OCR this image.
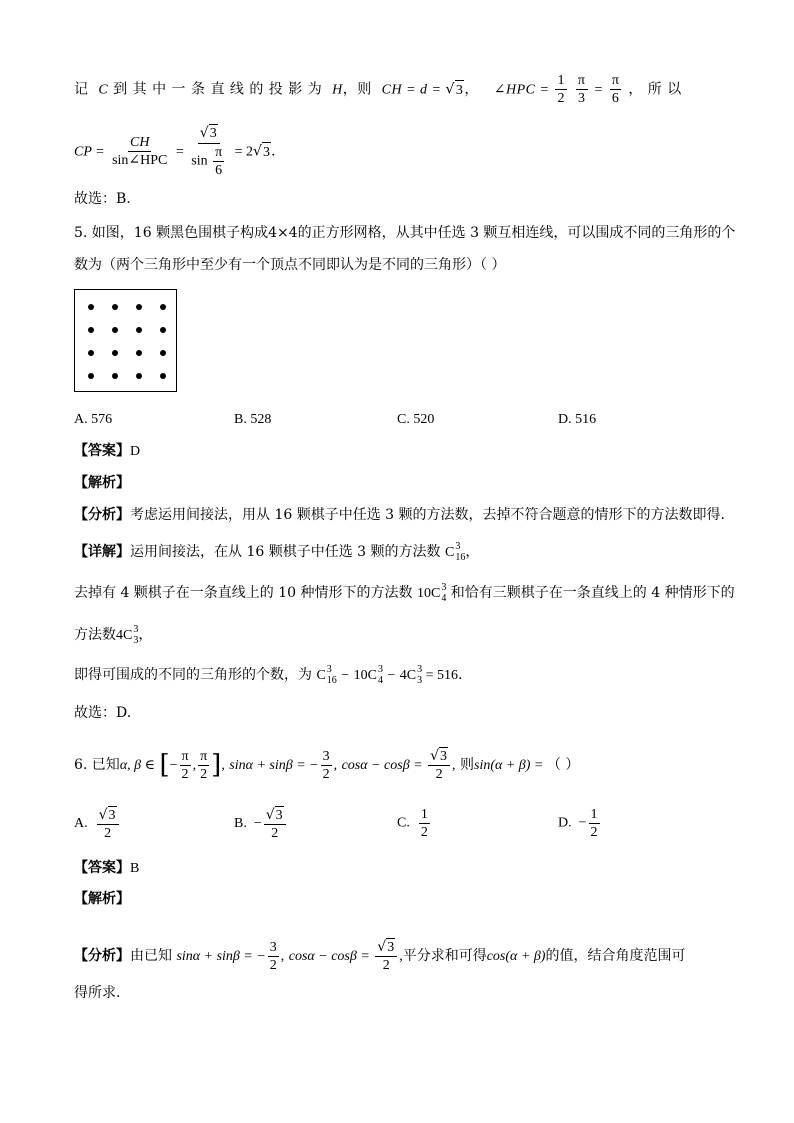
记 C 到 其 中 一 条 直 线 的 投 影 为 H，则 CH = d = √3， ∠HPC = $\frac{1}{2}$
$\frac{\pi}{3} = \frac{\pi}{6}$ ， 所 以
CP = $\frac{CH}{\text{sin∠HPC}} = \frac{√3}{\sin \frac{\pi}{6}} = 2√3$.
故选：B.
5. 如图，16 颗黑色围棋子构成4×4的正方形网格，从其中任选 3 颗互相连线，可以围成不同的三角形的个
数为（两个三角形中至少有一个顶点不同即认为是不同的三角形）（ ）
A. 576	B. 528	C. 520	D. 516
【答案】D
【解析】
【分析】考虑运用间接法，用从 16 颗棋子中任选 3 颗的方法数，去掉不符合题意的情形下的方法数即得.
【详解】运用间接法，在从 16 颗棋子中任选 3 颗的方法数 C 3
16 ，
去掉有 4 颗棋子在一条直线上的 10 种情形下的方法数 10C 3
4 和恰有三颗棋子在一条直线上的 4 种情形下的
方法数4C 3
3 ，
即得可围成的不同的三角形的个数，为 C 3
16 − 10C 3
4 − 4C 3
3 = 516.
故选：D.
6. 已知α, β ∈ [− $\frac{\pi}{2}$ , $\frac{\pi}{2}$ ], sinα + sinβ = − $\frac{3}{2}$ , $\cos\alpha - \cos\beta = \frac{√3}{2}$ , 则sin(α + β) = （ ）
A. $\frac{√3}{2}$	B. − $\frac{√3}{2}$	C. $\frac{1}{2}$	D. − $\frac{1}{2}$
【答案】B
【解析】
【分析】由已知 sinα + sinβ = − $\frac{3}{2}$ , $\cos\alpha - \cos\beta = \frac{√3}{2}$ ,平分求和可得cos(α + β)的值，结合角度范围可
得所求.
